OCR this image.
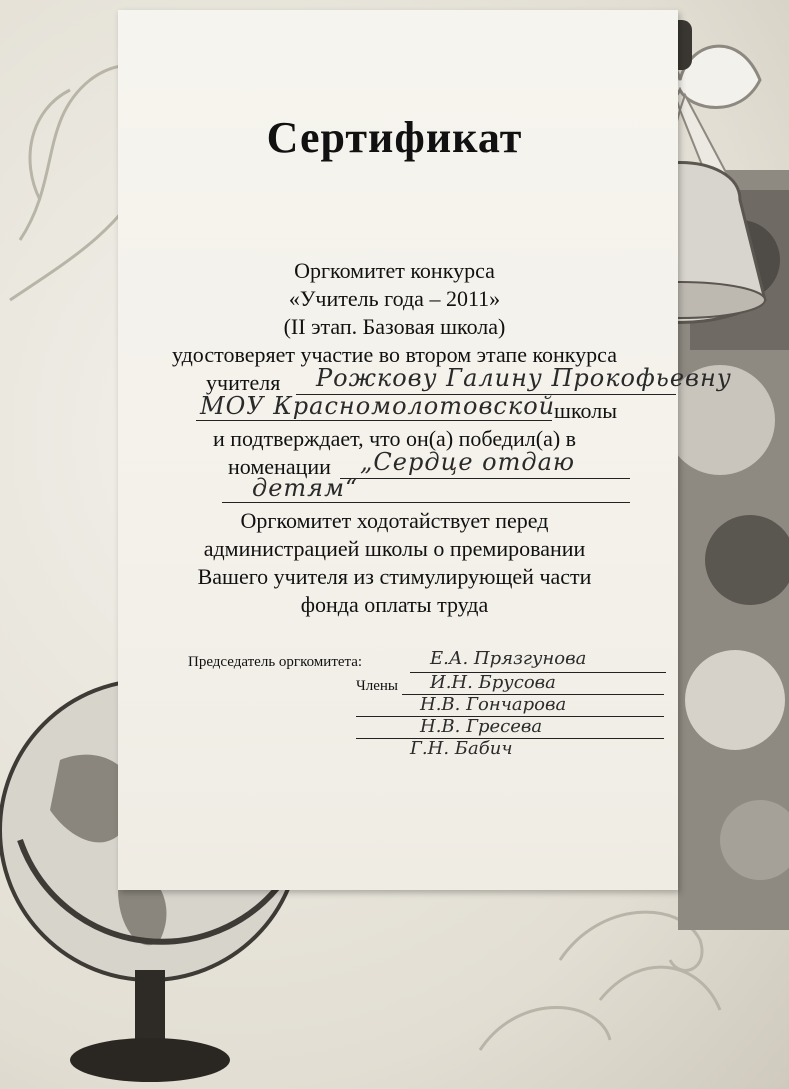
Сертификат
Оргкомитет конкурса
«Учитель года – 2011»
(II этап. Базовая школа)
удостоверяет участие во втором этапе конкурса
учителя Рожкову Галину Прокофьевну
МОУ Красномолотовской
школы
и подтверждает, что он(а) победил(а) в
номенации „Сердце отдаю
детям“
Оргкомитет ходотайствует перед
администрацией школы о премировании
Вашего учителя из стимулирующей части
фонда оплаты труда
Председатель оргкомитета:	Е.А. Прязгунова
Члены И.Н. Брусова
Н.В. Гончарова
Н.В. Гресева
Г.Н. Бабич
